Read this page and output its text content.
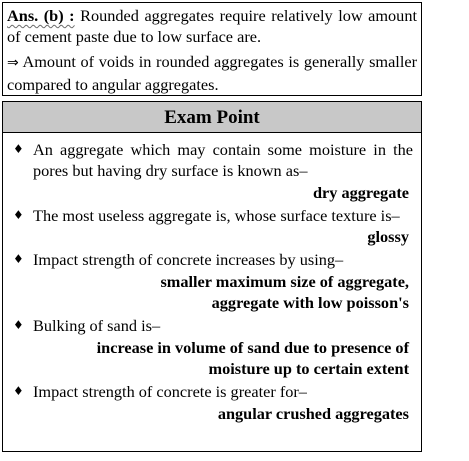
Ans. (b) : Rounded aggregates require relatively low amount of cement paste due to low surface are.

⇒ Amount of voids in rounded aggregates is generally smaller compared to angular aggregates.

Exam Point
♦ An aggregate which may contain some moisture in the pores but having dry surface is known as–
dry aggregate
♦ The most useless aggregate is, whose surface texture is–
glossy
♦ Impact strength of concrete increases by using–
smaller maximum size of aggregate,
aggregate with low poisson's
♦ Bulking of sand is–
increase in volume of sand due to presence of
moisture up to certain extent
♦ Impact strength of concrete is greater for–
angular crushed aggregates
